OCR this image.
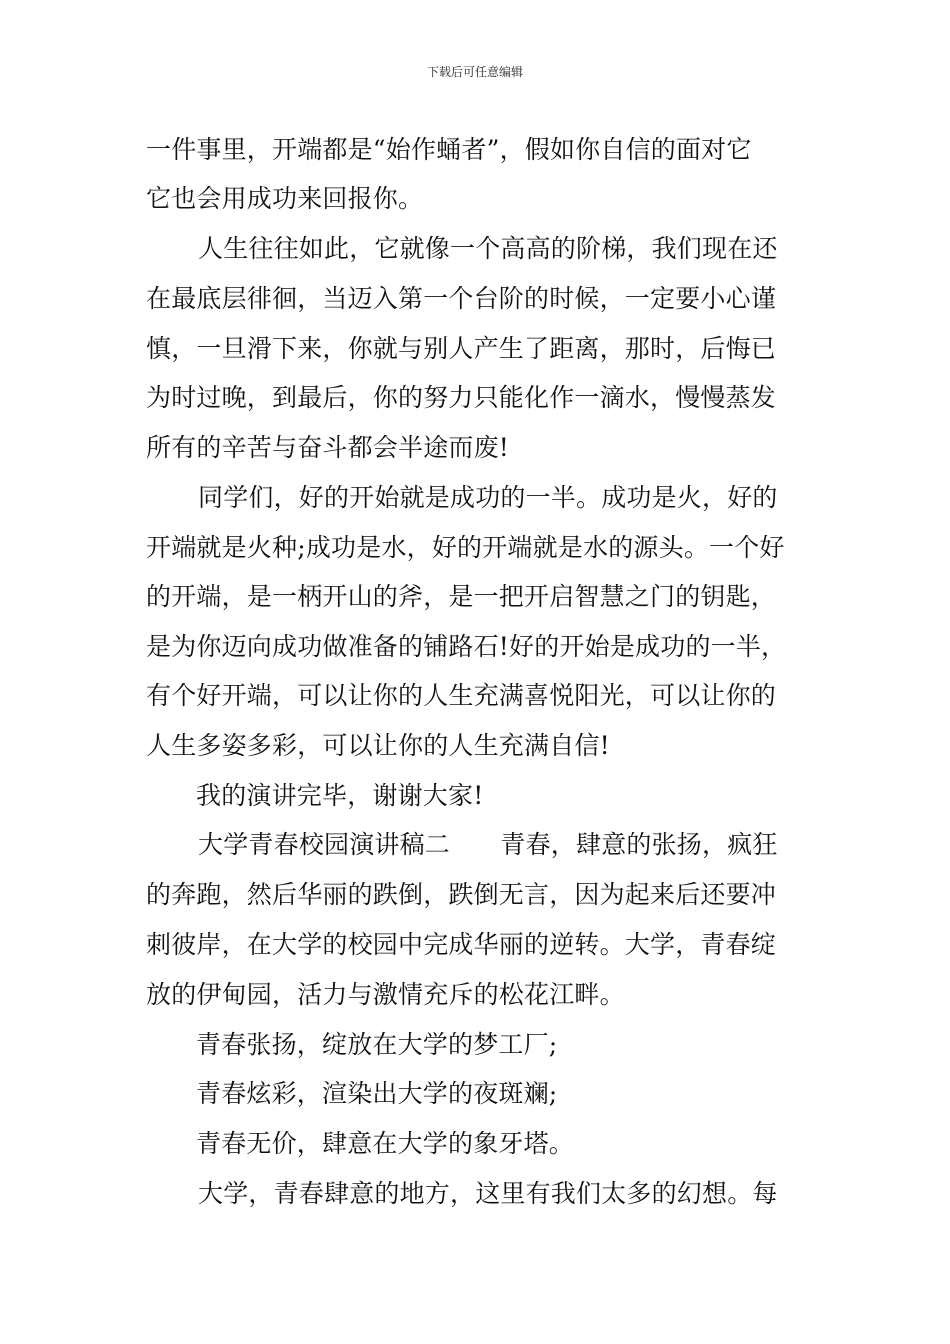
下载后可任意编辑
一件事里，开端都是“始作蛹者”，假如你自信的面对它
它也会用成功来回报你。
人生往往如此，它就像一个高高的阶梯，我们现在还
在最底层徘徊，当迈入第一个台阶的时候，一定要小心谨
慎，一旦滑下来，你就与别人产生了距离，那时，后悔已
为时过晚，到最后，你的努力只能化作一滴水，慢慢蒸发
所有的辛苦与奋斗都会半途而废!
同学们，好的开始就是成功的一半。成功是火，好的
开端就是火种;成功是水，好的开端就是水的源头。一个好
的开端，是一柄开山的斧，是一把开启智慧之门的钥匙，
是为你迈向成功做准备的铺路石!好的开始是成功的一半，
有个好开端，可以让你的人生充满喜悦阳光，可以让你的
人生多姿多彩，可以让你的人生充满自信!
我的演讲完毕，谢谢大家!
大学青春校园演讲稿二　　青春，肆意的张扬，疯狂
的奔跑，然后华丽的跌倒，跌倒无言，因为起来后还要冲
刺彼岸，在大学的校园中完成华丽的逆转。大学，青春绽
放的伊甸园，活力与激情充斥的松花江畔。
青春张扬，绽放在大学的梦工厂;
青春炫彩，渲染出大学的夜斑斓;
青春无价，肆意在大学的象牙塔。
大学，青春肆意的地方，这里有我们太多的幻想。每
